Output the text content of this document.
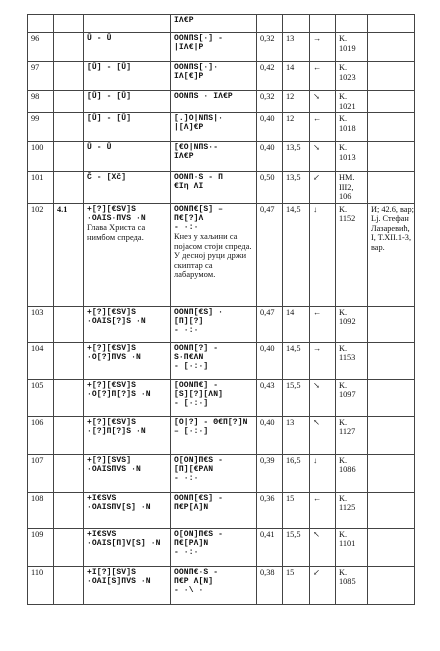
			ΙΛ€P					

96		Ū - Ū	ΟΟΝΠS[·] -
|ΙΛ€|P	0,32	13	→	K.
1019	

97		[Ū] - [Ū]	ΟΟΝΠS[·]·
ΙΛ[€]P	0,42	14	←	K.
1023	

98		[Ū] - [Ū]	ΟΟΝΠS · ΙΛ€P	0,32	12	↘	K.
1021	

99		[Ū] - [Ū]	[.]Ο|ΝΠS|·
|[Λ]€P	0,40	12	←	K.
1018	

100		Ū - Ū	[€Ο|ΝΠS·-
ΙΛ€P	0,40	13,5	↘	K.
1013	

101		Č - [Χč]	ΟΟΝΠ·S - Π
€Ιη ΛΙ	0,50	13,5	↙	HM.
III2,
106	

102	4.1	+[?][€SV]S
·ΟΑΙS·ΠVS ·Ν
Глава Христа са нимбом спреда.	ΟΟΝΠ€[S] –
Π€[?]Λ
- ·:·
Кнез у хаљини са појасом стоји спреда. У десној руци држи скиптар са лабарумом.	0,47	14,5	↓	K.
1152	И; 42.6, вар;
Lj. Стефан
Лазаревић,
I, T.XII.1-3,
вар.

103		+[?][€SV]S
·ΟΑΙS[?]S ·Ν	ΟΟΝΠ[€S] ·
[Π][?]
- ·:·	0,47	14	←	K.
1092	

104		+[?][€SV]S
·Ο[?]ΠVS ·Ν	ΟΟΝΠ[?] -
S·Π€ΛΝ
- [·:·]	0,40	14,5	→	K.
1153	

105		+[?][€SV]S
·Ο[?]Π[?]S ·Ν	[ΟΟΝΠ€] -
[S][?][ΛΝ]
- [·:·]	0,43	15,5	↘	K.
1097	

106		+[?][€SV]S
·[?]Π[?]S ·Ν	[Ο|?] - Θ€Π[?]Ν
– [·:·]	0,40	13	↖	K.
1127	

107		+[?][SVS]
·ΟΑΙSΠVS ·Ν	Ο[ΟΝ]Π€S -
[Π][€ΡΛΝ
- ·:·	0,39	16,5	↓	K.
1086	

108		+Ι€SVS
·ΟΑΙSΠV[S] ·Ν	ΟΟΝΠ[€S] -
Π€Ρ[Λ]Ν	0,36	15	←	K.
1125	

109		+Ι€SVS
·ΟΑΙS[Π]V[S] ·Ν	Ο[ΟΝ]Π€S -
Π€[ΡΛ]Ν
- ·:·	0,41	15,5	↖	K.
1101	

110		+Ι[?][SV]S
·ΟΑΙ[S]ΠVS ·Ν	ΟΟΝΠ€·S -
Π€Ρ Λ[Ν]
- ·\ ·	0,38	15	↙	K.
1085	
